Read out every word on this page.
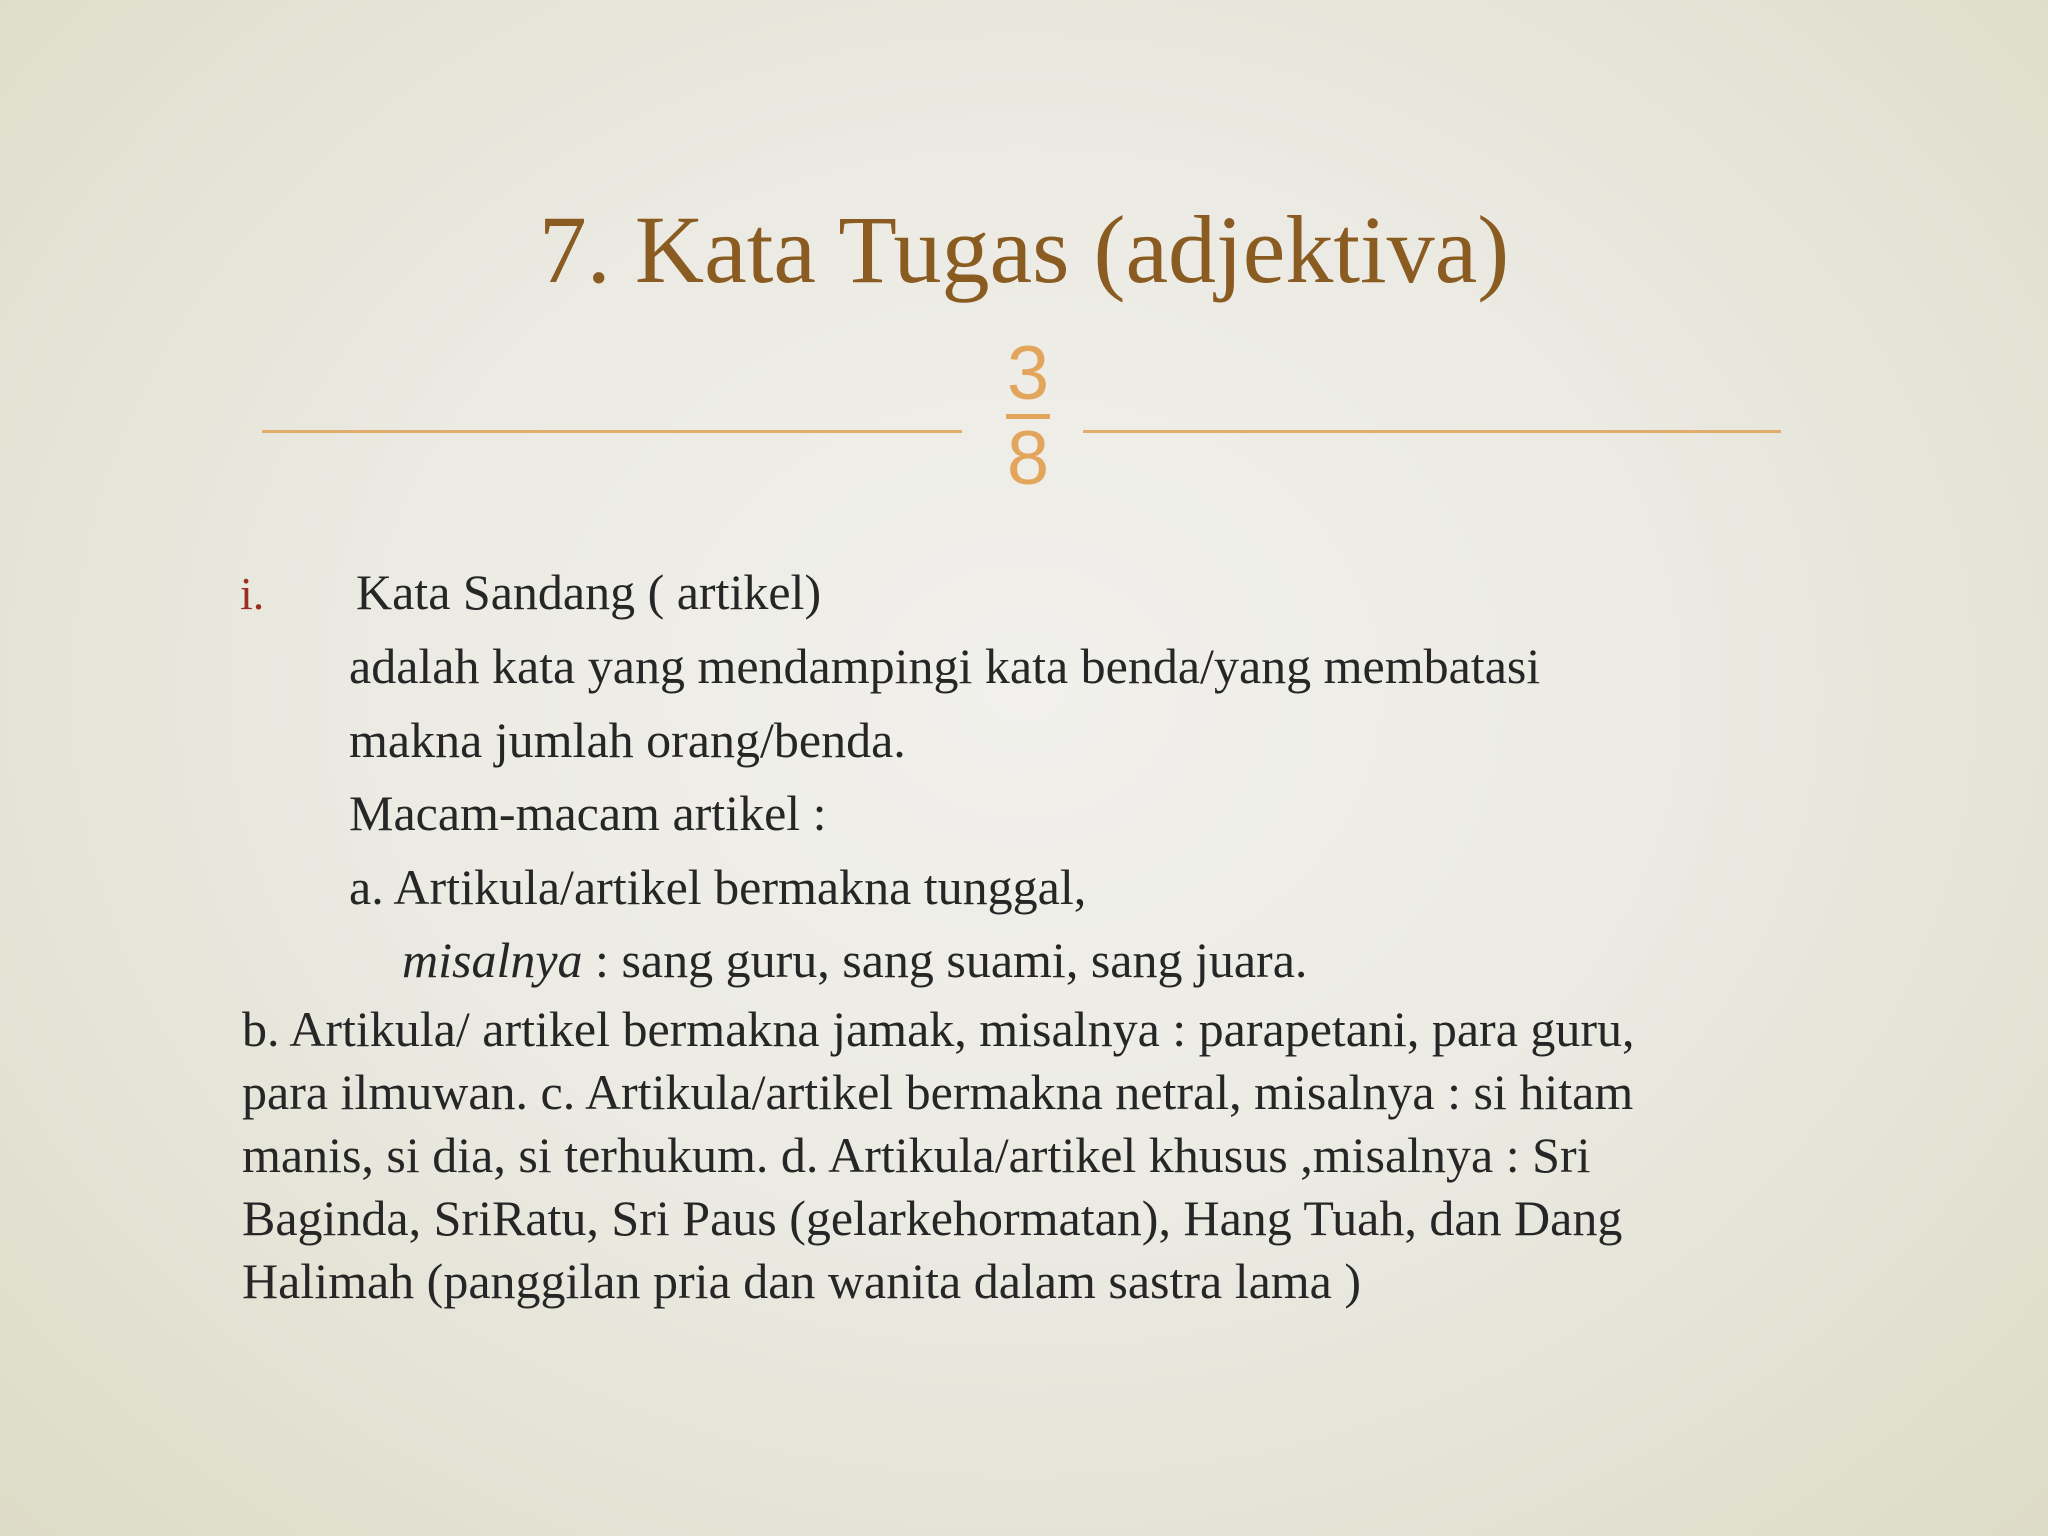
7. Kata Tugas (adjektiva)
3
8
i. Kata Sandang ( artikel)
adalah kata yang mendampingi kata benda/yang membatasi
makna jumlah orang/benda.
Macam-macam artikel :
a. Artikula/artikel bermakna tunggal,
misalnya : sang guru, sang suami, sang juara.
b. Artikula/ artikel bermakna jamak, misalnya : parapetani, para guru,
para ilmuwan. c. Artikula/artikel bermakna netral, misalnya : si hitam
manis, si dia, si terhukum. d. Artikula/artikel khusus ,misalnya : Sri
Baginda, SriRatu, Sri Paus (gelarkehormatan), Hang Tuah, dan Dang
Halimah (panggilan pria dan wanita dalam sastra lama )
